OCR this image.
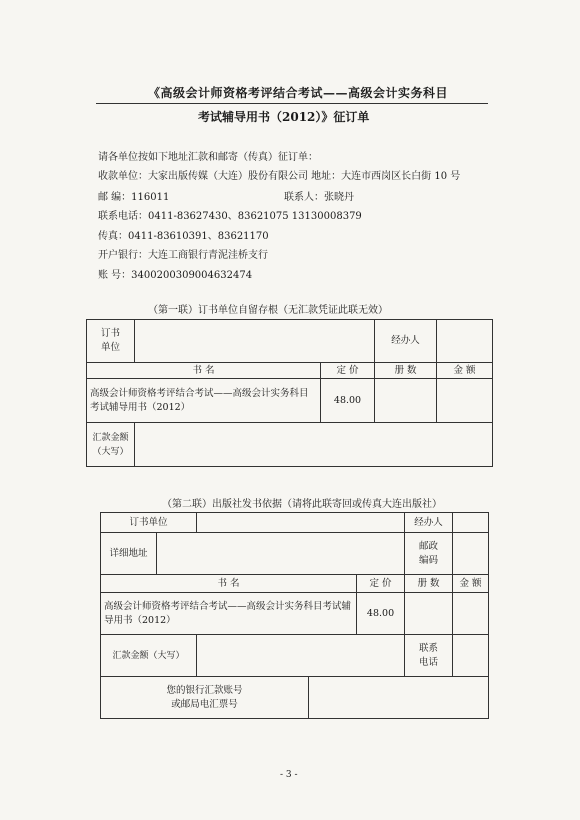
《高级会计师资格考评结合考试——高级会计实务科目
考试辅导用书（2012）》征订单
请各单位按如下地址汇款和邮寄（传真）征订单：
收款单位：大家出版传媒（大连）股份有限公司 地址：大连市西岗区长白街 10 号
邮 编：116011	联系人：张晓丹
联系电话：0411-83627430、83621075 13130008379
传真：0411-83610391、83621170
开户银行：大连工商银行青泥洼桥支行
账 号：3400200309004632474
（第一联）订书单位自留存根（无汇款凭证此联无效）
订书
单位			经办人	
书 名		定 价	册 数	金 额
高级会计师资格考评结合考试——高级会计实务科目考试辅导用书（2012）		48.00		
汇款金额
（大写）				
（第二联）出版社发书依据（请将此联寄回或传真大连出版社）
订书单位					经办人	
详细地址					邮政
编码	
书 名				定 价	册 数	金 额
高级会计师资格考评结合考试——高级会计实务科目考试辅导用书（2012）				48.00		
汇款金额（大写）					联系
电话	
您的银行汇款账号
或邮局电汇票号						
- 3 -
